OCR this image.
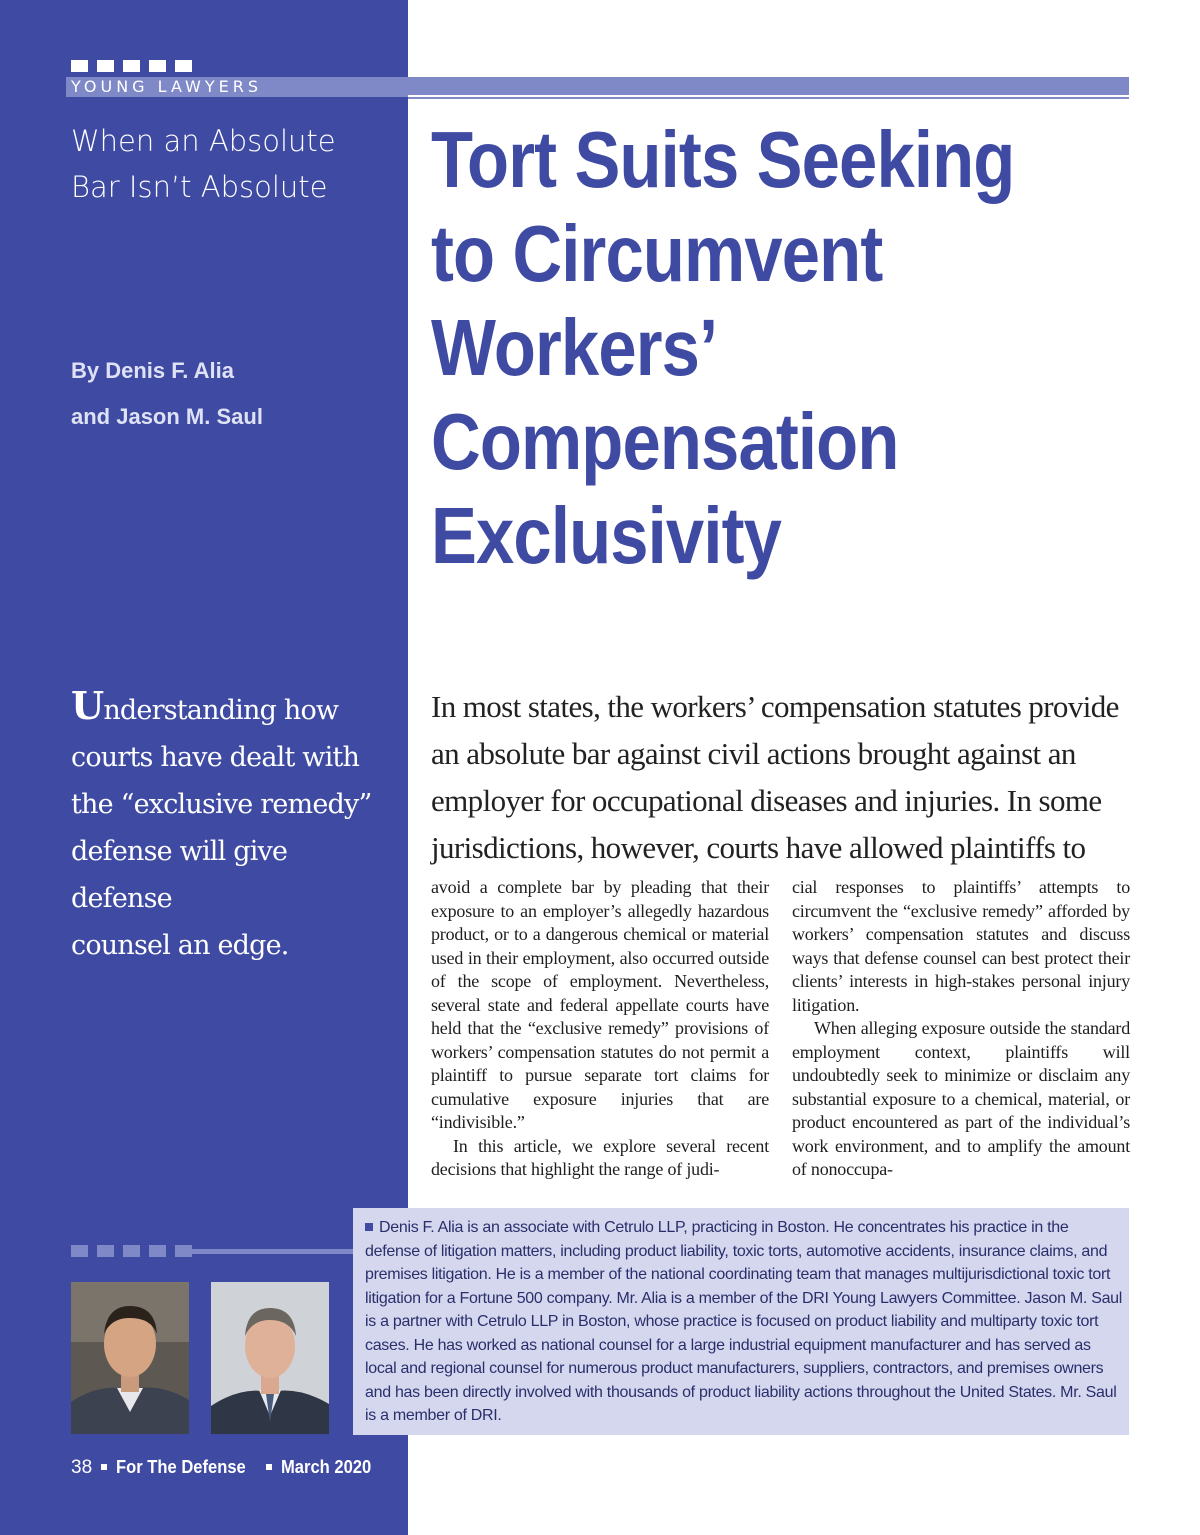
YOUNG LAWYERS
When an Absolute
Bar Isn’t Absolute
By Denis F. Alia
and Jason M. Saul
Tort Suits Seeking
to Circumvent
Workers’
Compensation
Exclusivity
Understanding how
courts have dealt with
the “exclusive remedy”
defense will give defense
counsel an edge.

In most states, the workers’ compensation statutes provide an absolute bar against civil actions brought against an employer for occupational diseases and injuries. In some jurisdictions, however, courts have allowed plaintiffs to

avoid a complete bar by pleading that their exposure to an employer’s allegedly hazardous product, or to a dangerous chemical or material used in their employment, also occurred outside of the scope of employment. Nevertheless, several state and federal appellate courts have held that the “exclusive remedy” provisions of workers’ compensation statutes do not permit a plaintiff to pursue separate tort claims for cumulative exposure injuries that are “indivisible.”

In this article, we explore several recent decisions that highlight the range of judi-

cial responses to plaintiffs’ attempts to circumvent the “exclusive remedy” afforded by workers’ compensation statutes and discuss ways that defense counsel can best protect their clients’ interests in high-stakes personal injury litigation.

When alleging exposure outside the standard employment context, plaintiffs will undoubtedly seek to minimize or disclaim any substantial exposure to a chemical, material, or product encountered as part of the individual’s work environment, and to amplify the amount of nonoccupa-

Denis F. Alia is an associate with Cetrulo LLP, practicing in Boston. He concentrates his practice in the defense of litigation matters, including product liability, toxic torts, automotive accidents, insurance claims, and premises litigation. He is a member of the national coordinating team that manages multijurisdictional toxic tort litigation for a Fortune 500 company. Mr. Alia is a member of the DRI Young Lawyers Committee. Jason M. Saul is a partner with Cetrulo LLP in Boston, whose practice is focused on product liability and multiparty toxic tort cases. He has worked as national counsel for a large industrial equipment manufacturer and has served as local and regional counsel for numerous product manufacturers, suppliers, contractors, and premises owners and has been directly involved with thousands of product liability actions throughout the United States. Mr. Saul is a member of DRI.

38 For The Defense March 2020
